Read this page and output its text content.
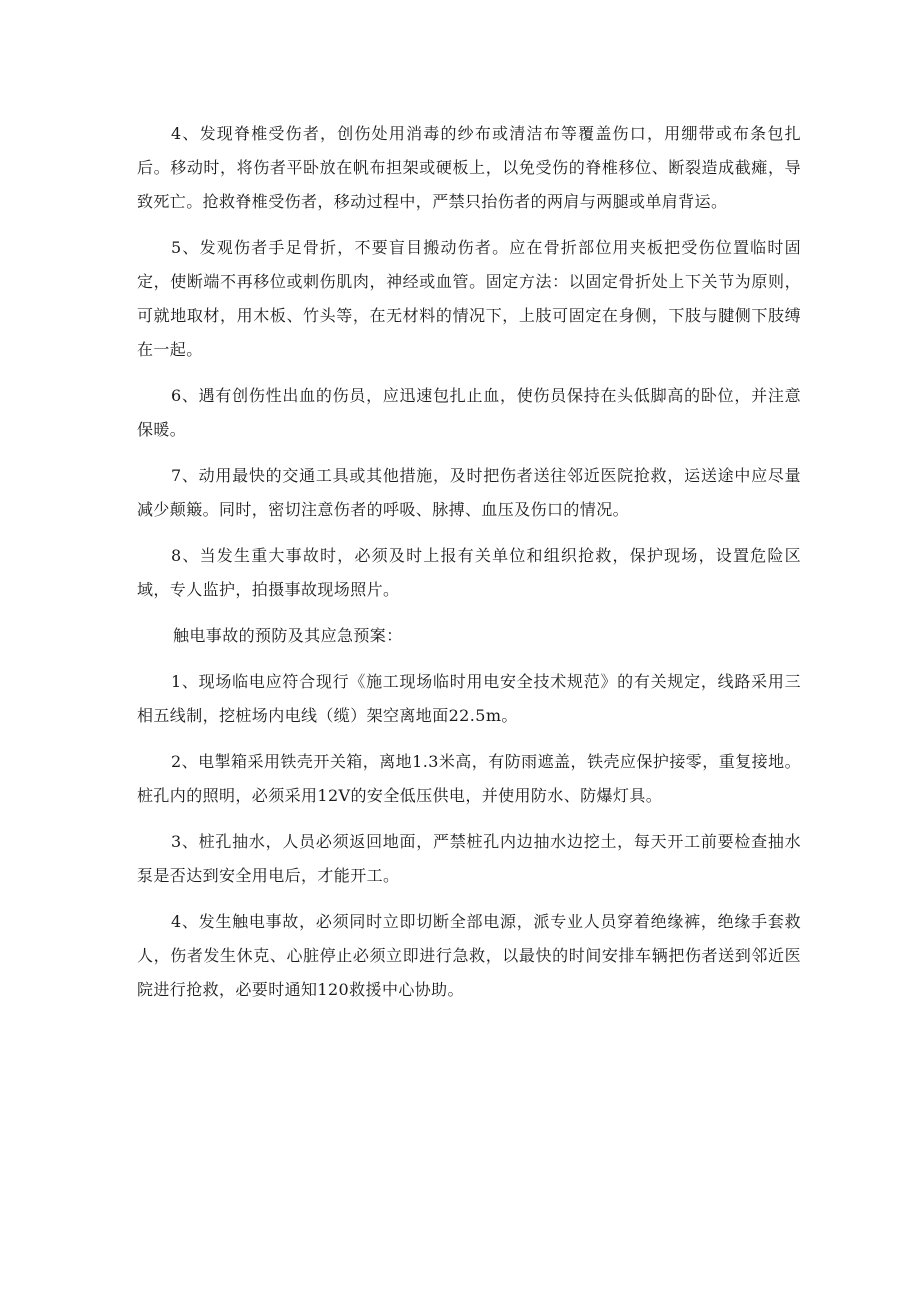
4、发现脊椎受伤者，创伤处用消毒的纱布或清洁布等覆盖伤口，用绷带或布条包扎后。移动时，将伤者平卧放在帆布担架或硬板上，以免受伤的脊椎移位、断裂造成截瘫，导致死亡。抢救脊椎受伤者，移动过程中，严禁只抬伤者的两肩与两腿或单肩背运。

5、发观伤者手足骨折，不要盲目搬动伤者。应在骨折部位用夹板把受伤位置临时固定，使断端不再移位或刺伤肌肉，神经或血管。固定方法：以固定骨折处上下关节为原则，可就地取材，用木板、竹头等，在无材料的情况下，上肢可固定在身侧，下肢与腱侧下肢缚在一起。

6、遇有创伤性出血的伤员，应迅速包扎止血，使伤员保持在头低脚高的卧位，并注意保暖。

7、动用最快的交通工具或其他措施，及时把伤者送往邻近医院抢救，运送途中应尽量减少颠簸。同时，密切注意伤者的呼吸、脉搏、血压及伤口的情况。

8、当发生重大事故时，必须及时上报有关单位和组织抢救，保护现场，设置危险区域，专人监护，拍摄事故现场照片。

触电事故的预防及其应急预案：

1、现场临电应符合现行《施工现场临时用电安全技术规范》的有关规定，线路采用三相五线制，挖桩场内电线（缆）架空离地面22.5m。

2、电掣箱采用铁壳开关箱，离地1.3米高，有防雨遮盖，铁壳应保护接零，重复接地。桩孔内的照明，必须采用12V的安全低压供电，并使用防水、防爆灯具。

3、桩孔抽水，人员必须返回地面，严禁桩孔内边抽水边挖土，每天开工前要检查抽水泵是否达到安全用电后，才能开工。

4、发生触电事故，必须同时立即切断全部电源，派专业人员穿着绝缘裤，绝缘手套救人，伤者发生休克、心脏停止必须立即进行急救，以最快的时间安排车辆把伤者送到邻近医院进行抢救，必要时通知120救援中心协助。
